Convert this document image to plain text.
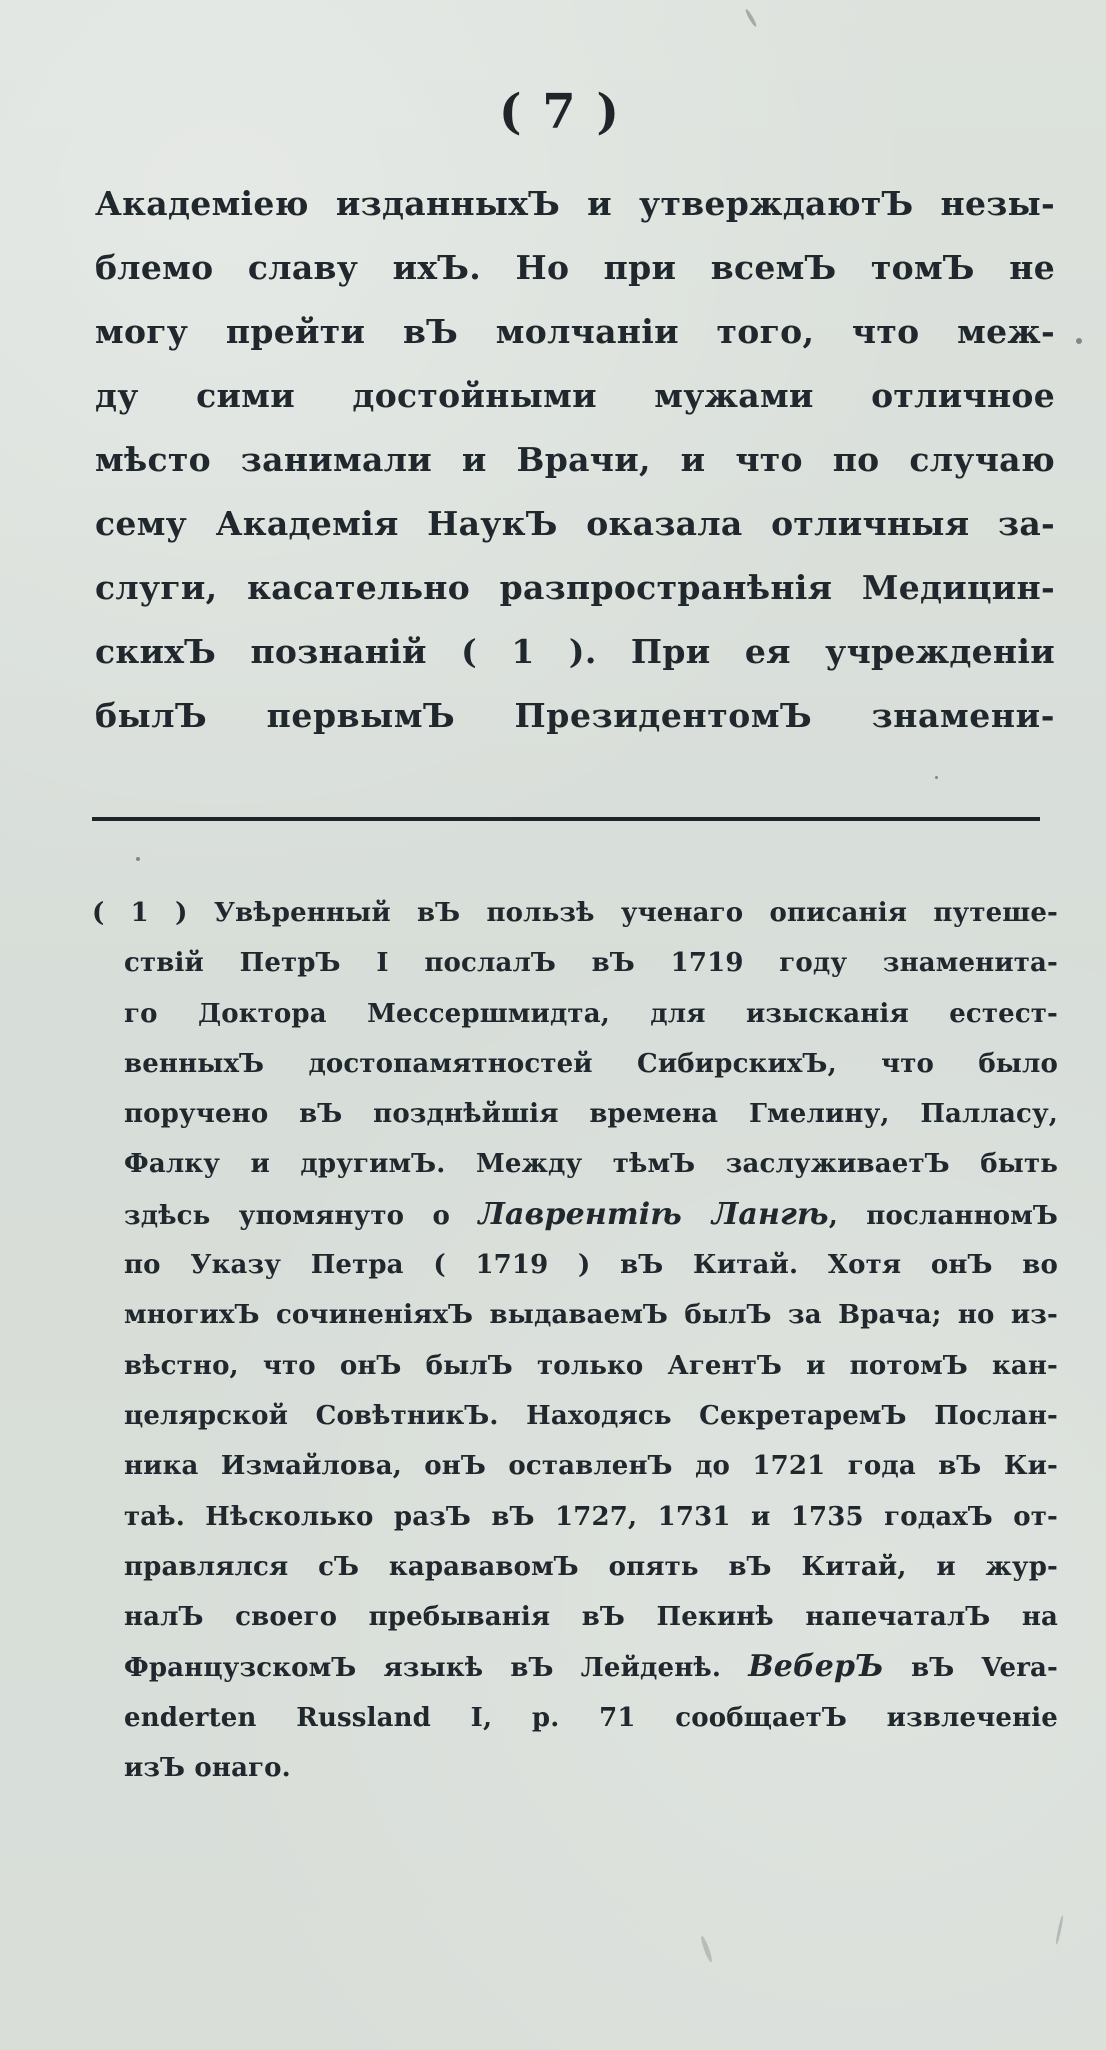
( 7 )
Академіею изданныхЪ и утверждаютЪ незы-
блемо славу ихЪ. Но при всемЪ томЪ не
могу прейти вЪ молчаніи того, что меж-
ду сими достойными мужами отличное
мѣсто занимали и Врачи, и что по случаю
сему Академія НаукЪ оказала отличныя за-
слуги, касательно разпространѣнія Медицин-
скихЪ познаній ( 1 ). При ея учрежденіи
былЪ первымЪ ПрезидентомЪ знамени-
( 1 ) Увѣренный вЪ пользѣ ученаго описанія путеше-
ствій ПетрЪ I послалЪ вЪ 1719 году знаменита-
го Доктора Мессершмидта, для изысканія естест-
венныхЪ достопамятностей СибирскихЪ, что было
поручено вЪ позднѣйшія времена Гмелину, Палласу,
Фалку и другимЪ. Между тѣмЪ заслуживаетЪ быть
здѣсь упомянуто о Лаврентіѣ Лангѣ, посланномЪ
по Указу Петра ( 1719 ) вЪ Китай. Хотя онЪ во
многихЪ сочиненіяхЪ выдаваемЪ былЪ за Врача; но из-
вѣстно, что онЪ былЪ только АгентЪ и потомЪ кан-
целярской СовѣтникЪ. Находясь СекретаремЪ Послан-
ника Измайлова, онЪ оставленЪ до 1721 года вЪ Ки-
таѣ. Нѣсколько разЪ вЪ 1727, 1731 и 1735 годахЪ от-
правлялся сЪ карававомЪ опять вЪ Китай, и жур-
налЪ своего пребыванія вЪ Пекинѣ напечаталЪ на
ФранцузскомЪ языкѣ вЪ Лейденѣ. ВеберЪ вЪ Vera-
enderten Russland I, p. 71 сообщаетЪ извлеченіе
изЪ онаго.
